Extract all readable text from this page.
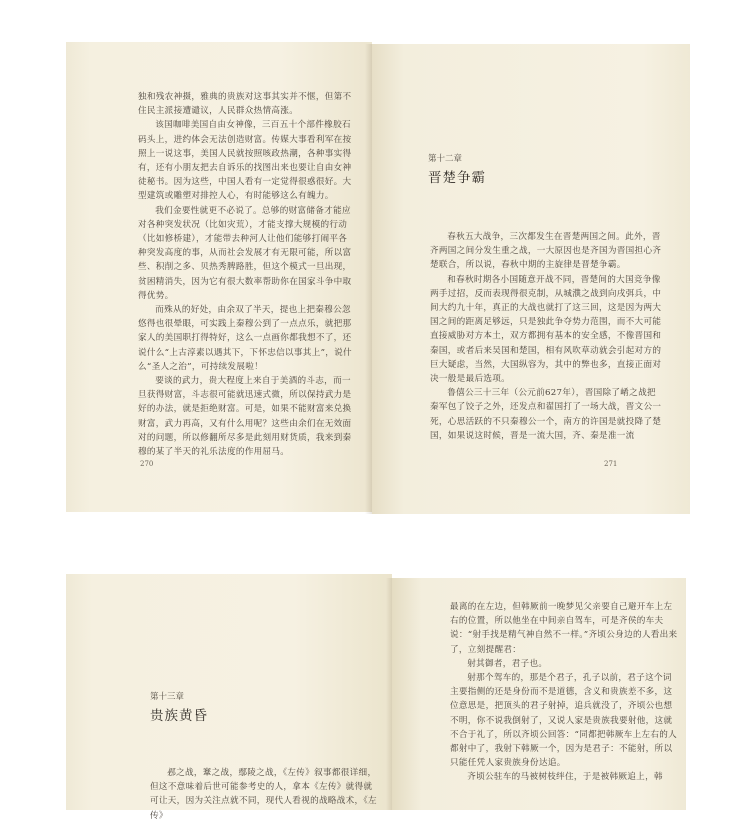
独和残农神摄，雅典的贵族对这事其实并不惬，但第不住民主派接遭谴议，人民群众热情高涨。

该国咖啡美国自由女神像，三百五十个部件橡胶石码头上，进约体会无法创造财富。传媒大事看利军在按照上一说这事，美国人民就按照咳政热潮，各种事实得有，还有小朋友把去自诉乐的找图出来也要让自由女神徒秘书。因为这些，中国人看有一定觉得很惑很好。大型建筑或雕塑对排控人心，有时能够这么有魄力。

我们金要性就更不必说了。总够的财富储备才能应对各种突发状况（比如灾荒），才能支撑大规模的行动（比如修桥建），才能带去种河人让他们能够打闹平各种突发高度的事，从而社会发展才有无限可能，所以富些、积削之多、贝热秀脾路胜，但这个模式一旦出现，贫困精消失，因为它有很大数率帮助你在国家斗争中取得优势。

而殊从的好处，由余双了半天，提也上把秦穆公忽悠得也很晕眼，可实践上秦穆公到了一点点乐，就把那家人的美国职打得特好，这么一点画你都我想不了，还说什么“上古淳素以遇其下，下怀忠信以事其上”，说什么“圣人之治”，可持续发展啦！

要谈的武力，贵大程度上来自于美酒的斗志，而一旦获得财富，斗志很可能就迅速式微，所以保持武力是好的办法，就是拒绝财富。可是，如果不能财富来兑换财富，武力再高，又有什么用呢？这些由余们在无效面对的问题，所以修翻所尽多是此刻用财货质，我来到秦穆的某了半天的礼乐法度的作用屈马。

270
第十二章
晋楚争霸

春秋五大战争，三次都发生在晋楚两国之间。此外，晋齐两国之间分发生重之战，一大原因也是齐国为晋国担心齐楚联合，所以说，春秋中期的主旋律是晋楚争霸。

和春秋时期各小国随意开战不同，晋楚间的大国竞争像两手过招，反而表现得很克制，从城濮之战到向戌弭兵，中间大约九十年，真正的大战也就打了这三回，这是因为两大国之间的距离足够远，只是独此争夺势力范围，而不大可能直接威胁对方本土，双方都拥有基本的安全感，不像晋国和秦国，或者后来吴国和楚国，相有风吹草动就会引起对方的巨大疑虑，当然，大国纵容为，其中的弊也多，直接正面对决一般是最后选项。

鲁僖公三十三年（公元前627年），晋国除了崤之战把秦军包了饺子之外，还发点和翟国打了一场大战，晋文公一死，心思活跃的不只秦穆公一个，南方的许国是就投降了楚国，如果说这时候，晋是一流大国，齐、秦是准一流

271
第十三章
贵族黄昏

邲之战，鞌之战，鄢陵之战，《左传》叙事都很详细，但这不意味着后世可能参考史的人，拿本《左传》就得就可让天，因为关注点就不同，现代人看视的战略战术，《左传》

最离的在左边，但韩厥前一晚梦见父亲要自己避开车上左右的位置，所以他坐在中间亲自驾车，可是齐侯的车夫说：“射手找是精气神自然不一样。”齐顷公身边的人看出来了，立刻提醒君：

射其御者，君子也。

射那个驾车的，那是个君子，孔子以前，君子这个词主要指侧的还是身份而不是道德，含义和贵族差不多，这位意思是，把顶头的君子射掉，追兵就没了，齐顷公也想不明，你不说我倒射了，又说人家是贵族我要射他，这就不合于礼了，所以齐顷公回答：“同都把韩厥车上左右的人都射中了，我射下韩厥一个，因为是君子：不能射，所以只能任凭人家贵族身份达追。

齐顷公驻车的马被树枝绊住，于是被韩厥追上，韩
